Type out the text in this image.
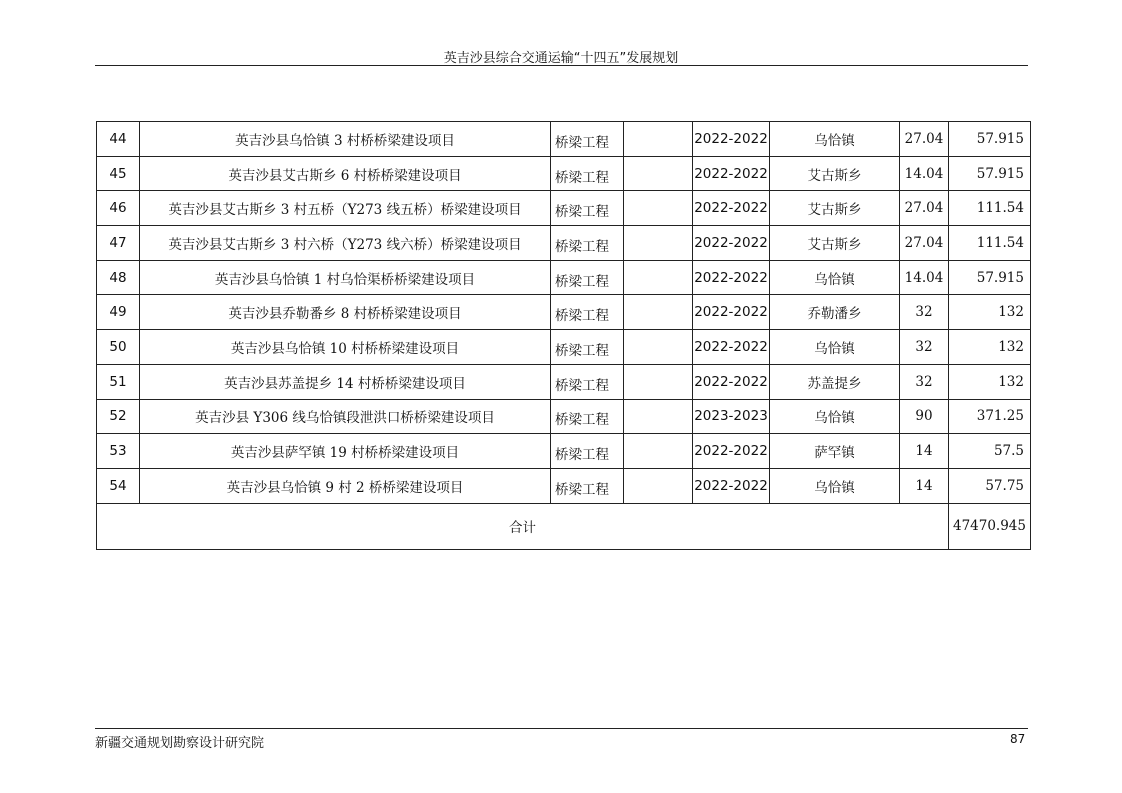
英吉沙县综合交通运输“十四五”发展规划
44	英吉沙县乌恰镇 3 村桥桥梁建设项目	桥梁工程		2022-2022	乌恰镇	27.04	57.915
45	英吉沙县艾古斯乡 6 村桥桥梁建设项目	桥梁工程		2022-2022	艾古斯乡	14.04	57.915
46	英吉沙县艾古斯乡 3 村五桥（Y273 线五桥）桥梁建设项目	桥梁工程		2022-2022	艾古斯乡	27.04	111.54
47	英吉沙县艾古斯乡 3 村六桥（Y273 线六桥）桥梁建设项目	桥梁工程		2022-2022	艾古斯乡	27.04	111.54
48	英吉沙县乌恰镇 1 村乌恰渠桥桥梁建设项目	桥梁工程		2022-2022	乌恰镇	14.04	57.915
49	英吉沙县乔勒番乡 8 村桥桥梁建设项目	桥梁工程		2022-2022	乔勒潘乡	32	132
50	英吉沙县乌恰镇 10 村桥桥梁建设项目	桥梁工程		2022-2022	乌恰镇	32	132
51	英吉沙县苏盖提乡 14 村桥桥梁建设项目	桥梁工程		2022-2022	苏盖提乡	32	132
52	英吉沙县 Y306 线乌恰镇段泄洪口桥桥梁建设项目	桥梁工程		2023-2023	乌恰镇	90	371.25
53	英吉沙县萨罕镇 19 村桥桥梁建设项目	桥梁工程		2022-2022	萨罕镇	14	57.5
54	英吉沙县乌恰镇 9 村 2 桥桥梁建设项目	桥梁工程		2022-2022	乌恰镇	14	57.75
合计							47470.945
新疆交通规划勘察设计研究院	87
